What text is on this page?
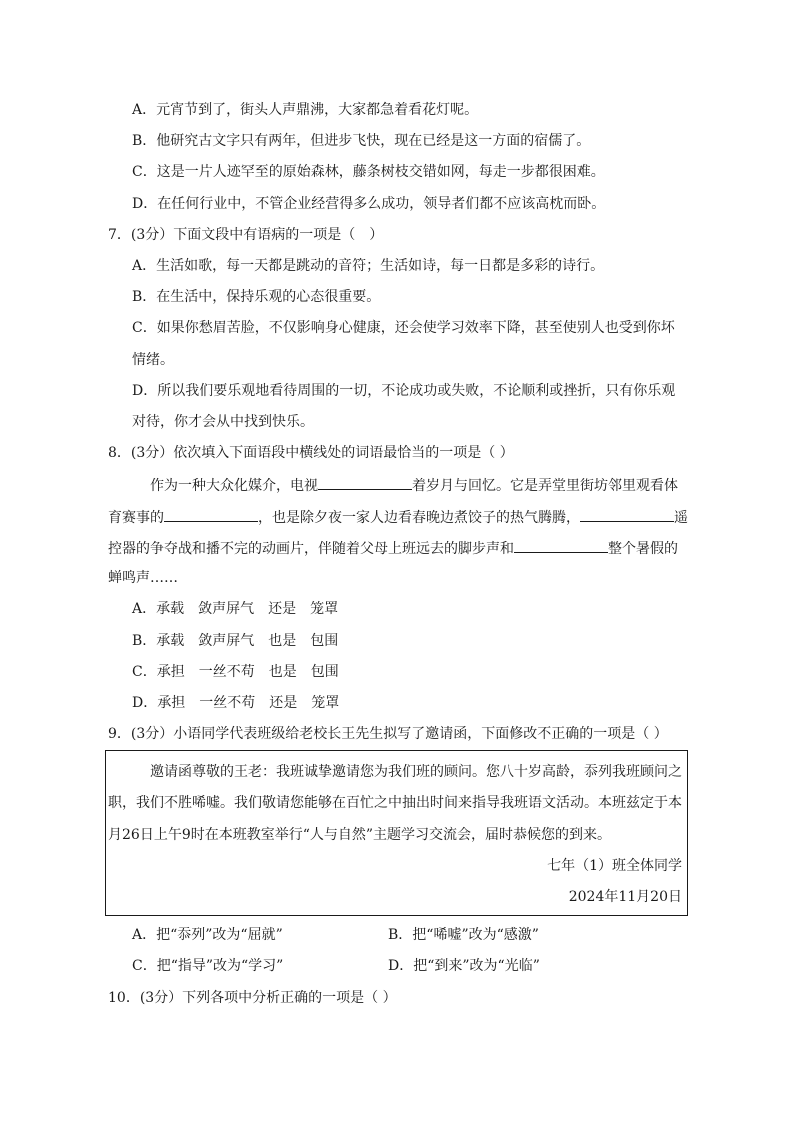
A．元宵节到了，街头人声鼎沸，大家都急着看花灯呢。
B．他研究古文字只有两年，但进步飞快，现在已经是这一方面的宿儒了。
C．这是一片人迹罕至的原始森林，藤条树枝交错如网，每走一步都很困难。
D．在任何行业中，不管企业经营得多么成功，领导者们都不应该高枕而卧。
7．(3分）下面文段中有语病的一项是（　）
A．生活如歌，每一天都是跳动的音符；生活如诗，每一日都是多彩的诗行。
B．在生活中，保持乐观的心态很重要。
C．如果你愁眉苦脸，不仅影响身心健康，还会使学习效率下降，甚至使别人也受到你坏
情绪。
D．所以我们要乐观地看待周围的一切，不论成功或失败，不论顺利或挫折，只有你乐观
对待，你才会从中找到快乐。
8．(3分）依次填入下面语段中横线处的词语最恰当的一项是（ ）
作为一种大众化媒介，电视	着岁月与回忆。它是弄堂里街坊邻里观看体
育赛事的	，也是除夕夜一家人边看春晚边煮饺子的热气腾腾，	遥
控器的争夺战和播不完的动画片，伴随着父母上班远去的脚步声和	整个暑假的
蝉鸣声……
A．承载　敛声屏气　还是　笼罩
B．承载　敛声屏气　也是　包围
C．承担　一丝不苟　也是　包围
D．承担　一丝不苟　还是　笼罩
9．(3分）小语同学代表班级给老校长王先生拟写了邀请函，下面修改不正确的一项是（ ）
邀请函尊敬的王老：我班诚挚邀请您为我们班的顾问。您八十岁高龄，忝列我班顾问之
职，我们不胜唏嘘。我们敬请您能够在百忙之中抽出时间来指导我班语文活动。本班兹定于本
月26日上午9时在本班教室举行“人与自然”主题学习交流会，届时恭候您的到来。
七年（1）班全体同学
2024年11月20日
A．把“忝列”改为“屈就”	B．把“唏嘘”改为“感激”
C．把“指导”改为“学习”	D．把“到来”改为“光临”
10．(3分）下列各项中分析正确的一项是（ ）
